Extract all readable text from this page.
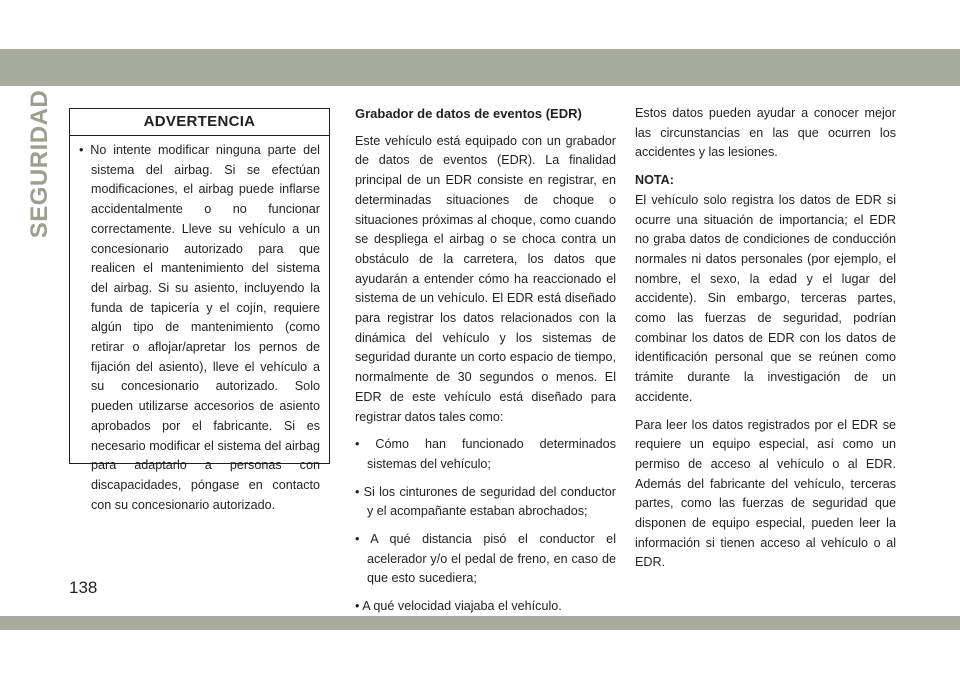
SEGURIDAD	ADVERTENCIA
• No intente modificar ninguna parte del sistema del airbag. Si se efectúan modificaciones, el airbag puede inflarse accidentalmente o no funcionar correctamente. Lleve su vehículo a un concesionario autorizado para que realicen el mantenimiento del sistema del airbag. Si su asiento, incluyendo la funda de tapicería y el cojín, requiere algún tipo de mantenimiento (como retirar o aflojar/apretar los pernos de fijación del asiento), lleve el vehículo a su concesionario autorizado. Solo pueden utilizarse accesorios de asiento aprobados por el fabricante. Si es necesario modificar el sistema del airbag para adaptarlo a personas con discapacidades, póngase en contacto con su concesionario autorizado.
Grabador de datos de eventos (EDR)

Este vehículo está equipado con un grabador de datos de eventos (EDR). La finalidad principal de un EDR consiste en registrar, en determinadas situaciones de choque o situaciones próximas al choque, como cuando se despliega el airbag o se choca contra un obstáculo de la carretera, los datos que ayudarán a entender cómo ha reaccionado el sistema de un vehículo. El EDR está diseñado para registrar los datos relacionados con la dinámica del vehículo y los sistemas de seguridad durante un corto espacio de tiempo, normalmente de 30 segundos o menos. El EDR de este vehículo está diseñado para registrar datos tales como:

• Cómo han funcionado determinados sistemas del vehículo;
• Si los cinturones de seguridad del conductor y el acompañante estaban abrochados;
• A qué distancia pisó el conductor el acelerador y/o el pedal de freno, en caso de que esto sucediera;
• A qué velocidad viajaba el vehículo.

Estos datos pueden ayudar a conocer mejor las circunstancias en las que ocurren los accidentes y las lesiones.

NOTA:

El vehículo solo registra los datos de EDR si ocurre una situación de importancia; el EDR no graba datos de condiciones de conducción normales ni datos personales (por ejemplo, el nombre, el sexo, la edad y el lugar del accidente). Sin embargo, terceras partes, como las fuerzas de seguridad, podrían combinar los datos de EDR con los datos de identificación personal que se reúnen como trámite durante la investigación de un accidente.

Para leer los datos registrados por el EDR se requiere un equipo especial, así como un permiso de acceso al vehículo o al EDR. Además del fabricante del vehículo, terceras partes, como las fuerzas de seguridad que disponen de equipo especial, pueden leer la información si tienen acceso al vehículo o al EDR.

138
